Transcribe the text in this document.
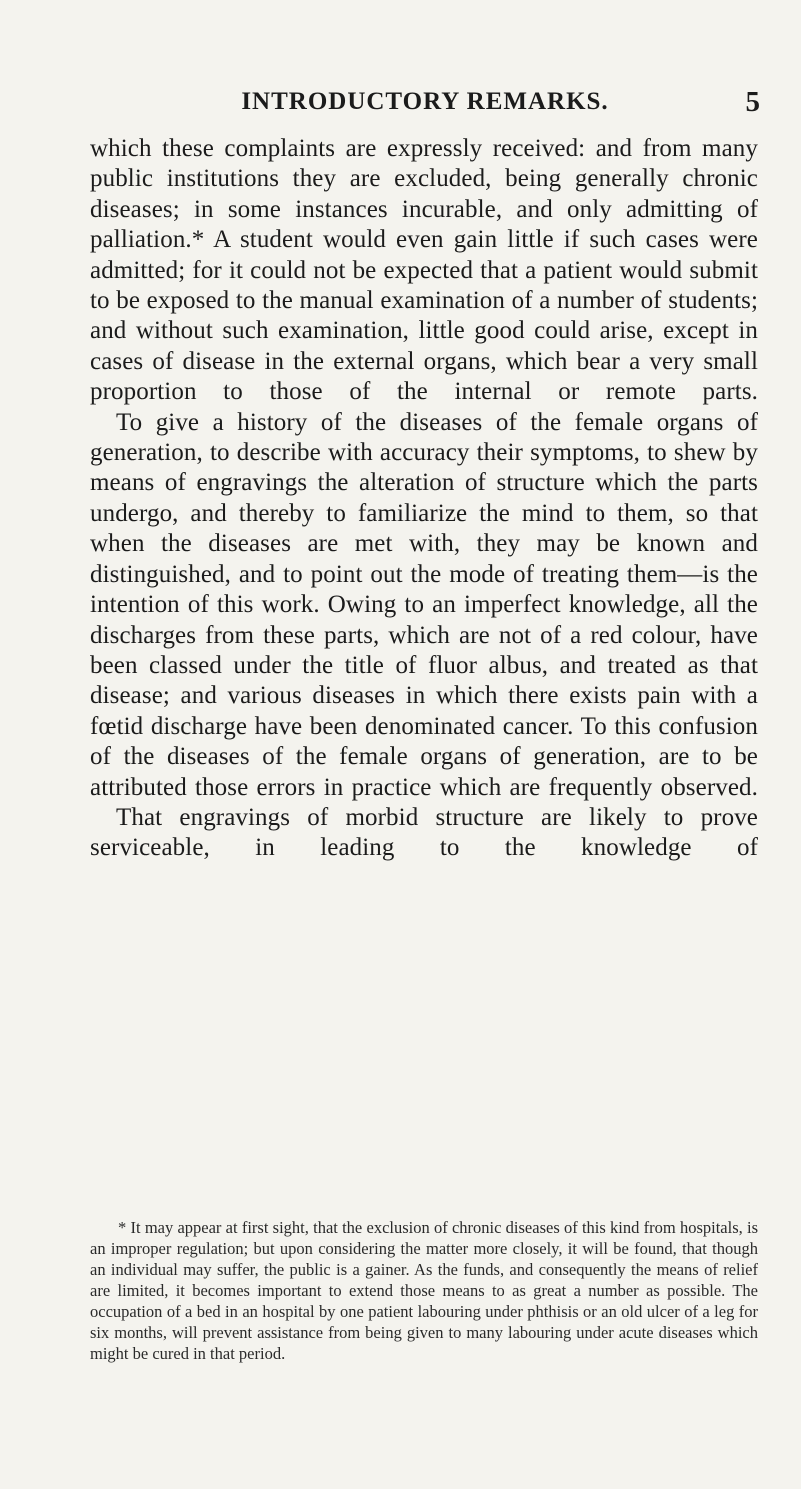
INTRODUCTORY REMARKS.	5

which these complaints are expressly received: and from many public institutions they are excluded, being generally chronic diseases; in some instances incurable, and only admitting of palliation.* A student would even gain little if such cases were admitted; for it could not be expected that a patient would submit to be exposed to the manual examination of a number of students; and without such examination, little good could arise, except in cases of disease in the external organs, which bear a very small proportion to those of the internal or remote parts.

To give a history of the diseases of the female organs of generation, to describe with accuracy their symptoms, to shew by means of engravings the alteration of structure which the parts undergo, and thereby to familiarize the mind to them, so that when the diseases are met with, they may be known and distinguished, and to point out the mode of treating them—is the intention of this work. Owing to an imperfect knowledge, all the discharges from these parts, which are not of a red colour, have been classed under the title of fluor albus, and treated as that disease; and various diseases in which there exists pain with a fœtid discharge have been denominated cancer. To this confusion of the diseases of the female organs of generation, are to be attributed those errors in practice which are frequently observed.

That engravings of morbid structure are likely to prove serviceable, in leading to the knowledge of

* It may appear at first sight, that the exclusion of chronic diseases of this kind from hospitals, is an improper regulation; but upon considering the matter more closely, it will be found, that though an individual may suffer, the public is a gainer. As the funds, and consequently the means of relief are limited, it becomes important to extend those means to as great a number as possible. The occupation of a bed in an hospital by one patient labouring under phthisis or an old ulcer of a leg for six months, will prevent assistance from being given to many labouring under acute diseases which might be cured in that period.
